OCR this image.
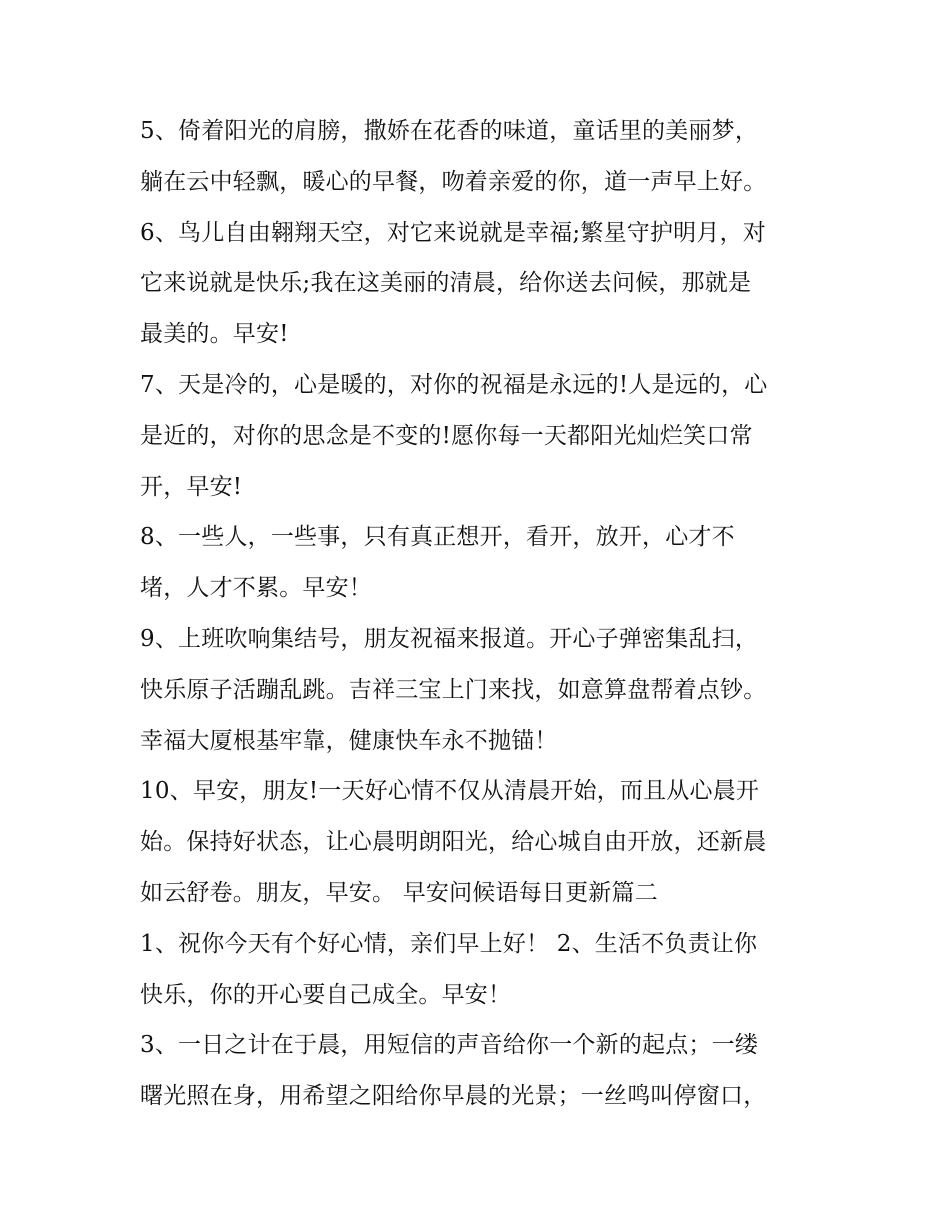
5、倚着阳光的肩膀，撒娇在花香的味道，童话里的美丽梦，
躺在云中轻飘，暖心的早餐，吻着亲爱的你，道一声早上好。
6、鸟儿自由翱翔天空，对它来说就是幸福;繁星守护明月，对
它来说就是快乐;我在这美丽的清晨，给你送去问候，那就是
最美的。早安!
7、天是冷的，心是暖的，对你的祝福是永远的!人是远的，心
是近的，对你的思念是不变的!愿你每一天都阳光灿烂笑口常
开，早安!
8、一些人，一些事，只有真正想开，看开，放开，心才不
堵，人才不累。早安！
9、上班吹响集结号，朋友祝福来报道。开心子弹密集乱扫，
快乐原子活蹦乱跳。吉祥三宝上门来找，如意算盘帮着点钞。
幸福大厦根基牢靠，健康快车永不抛锚！
10、早安，朋友!一天好心情不仅从清晨开始，而且从心晨开
始。保持好状态，让心晨明朗阳光，给心城自由开放，还新晨
如云舒卷。朋友，早安。 早安问候语每日更新篇二
1、祝你今天有个好心情，亲们早上好！ 2、生活不负责让你
快乐，你的开心要自己成全。早安！
3、一日之计在于晨，用短信的声音给你一个新的起点；一缕
曙光照在身，用希望之阳给你早晨的光景；一丝鸣叫停窗口，
